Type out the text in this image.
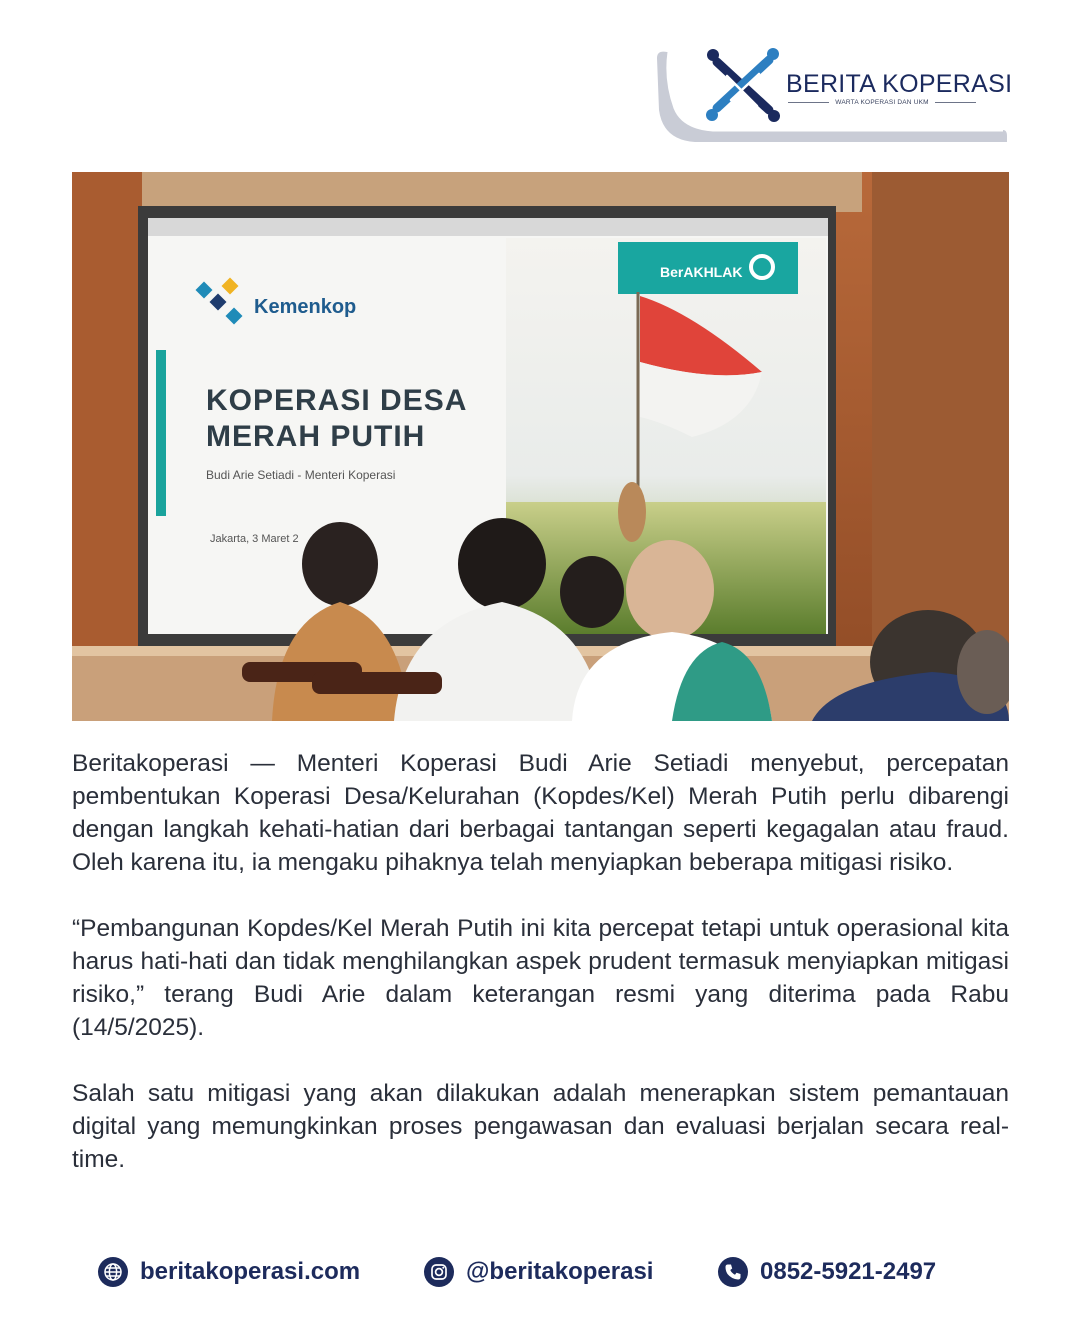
BERITA KOPERASI
WARTA KOPERASI DAN UKM
Kemenkop
KOPERASI DESA
MERAH PUTIH
Budi Arie Setiadi - Menteri Koperasi
Jakarta, 3 Maret 2
BerAKHLAK

Beritakoperasi — Menteri Koperasi Budi Arie Setiadi menyebut, percepatan pembentukan Koperasi Desa/Kelurahan (Kopdes/Kel) Merah Putih perlu dibarengi dengan langkah kehati-hatian dari berbagai tantangan seperti kegagalan atau fraud. Oleh karena itu, ia mengaku pihaknya telah menyiapkan beberapa mitigasi risiko.

“Pembangunan Kopdes/Kel Merah Putih ini kita percepat tetapi untuk operasional kita harus hati-hati dan tidak menghilangkan aspek prudent termasuk menyiapkan mitigasi risiko,” terang Budi Arie dalam keterangan resmi yang diterima pada Rabu (14/5/2025).

Salah satu mitigasi yang akan dilakukan adalah menerapkan sistem pemantauan digital yang memungkinkan proses pengawasan dan evaluasi berjalan secara real-time.

beritakoperasi.com	@beritakoperasi	0852-5921-2497
